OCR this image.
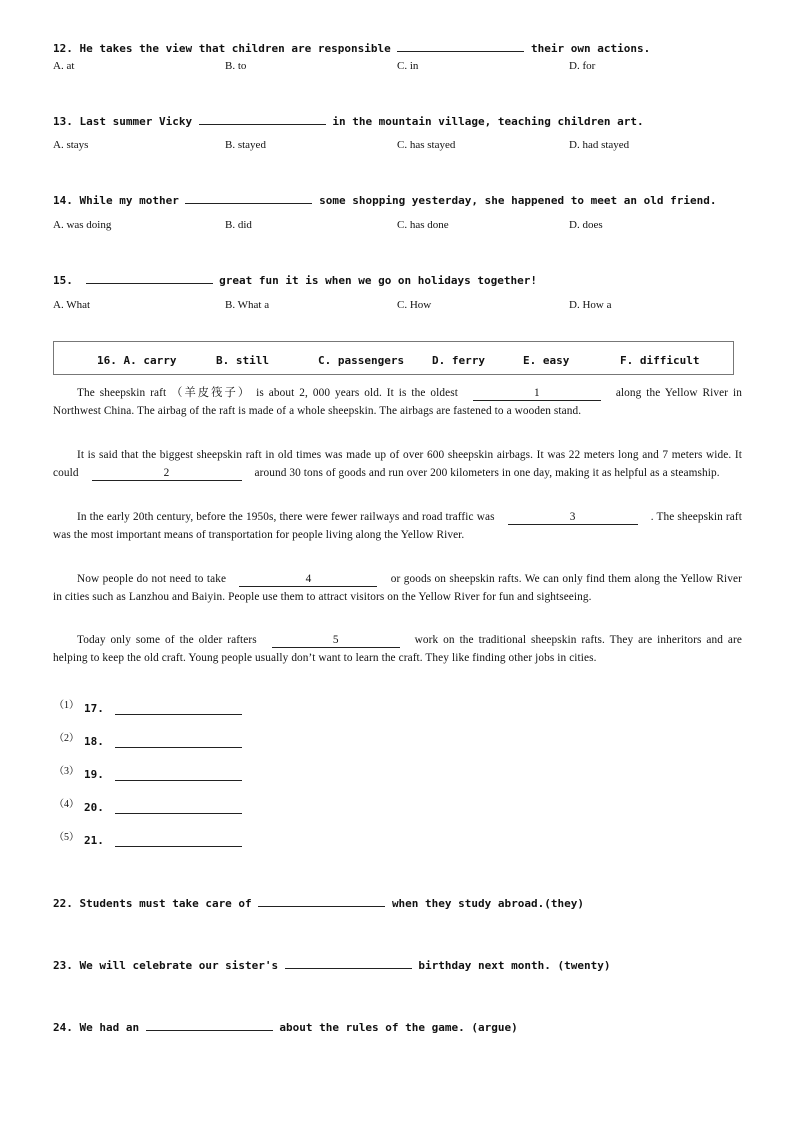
12. He takes the view that children are responsible	their own actions.
A. at	B. to	C. in	D. for
13. Last summer Vicky	in the mountain village, teaching children art.
A. stays	B. stayed	C. has stayed	D. had stayed
14. While my mother	some shopping yesterday, she happened to meet an old friend.
A. was doing	B. did	C. has done	D. does
15.	great fun it is when we go on holidays together!
A. What	B. What a	C. How	D. How a
16. A. carry	B. still	C. passengers	D. ferry	E. easy	F. difficult
The sheepskin raft （羊皮筏子） is about 2, 000 years old. It is the oldest	1	along the Yellow River in Northwest China. The airbag of the raft is made of a whole sheepskin. The airbags are fastened to a wooden stand.
It is said that the biggest sheepskin raft in old times was made up of over 600 sheepskin airbags. It was 22 meters long and 7 meters wide. It could	2	around 30 tons of goods and run over 200 kilometers in one day, making it as helpful as a steamship.
In the early 20th century, before the 1950s, there were fewer railways and road traffic was	3	. The sheepskin raft was the most important means of transportation for people living along the Yellow River.
Now people do not need to take	4	or goods on sheepskin rafts. We can only find them along the Yellow River in cities such as Lanzhou and Baiyin. People use them to attract visitors on the Yellow River for fun and sightseeing.
Today only some of the older rafters	5	work on the traditional sheepskin rafts. They are inheritors and are helping to keep the old craft. Young people usually don’t want to learn the craft. They like finding other jobs in cities.
（1） 17.
（2） 18.
（3） 19.
（4） 20.
（5） 21.
22. Students must take care of	when they study abroad.(they)
23. We will celebrate our sister's	birthday next month. (twenty)
24. We had an	about the rules of the game. (argue)
